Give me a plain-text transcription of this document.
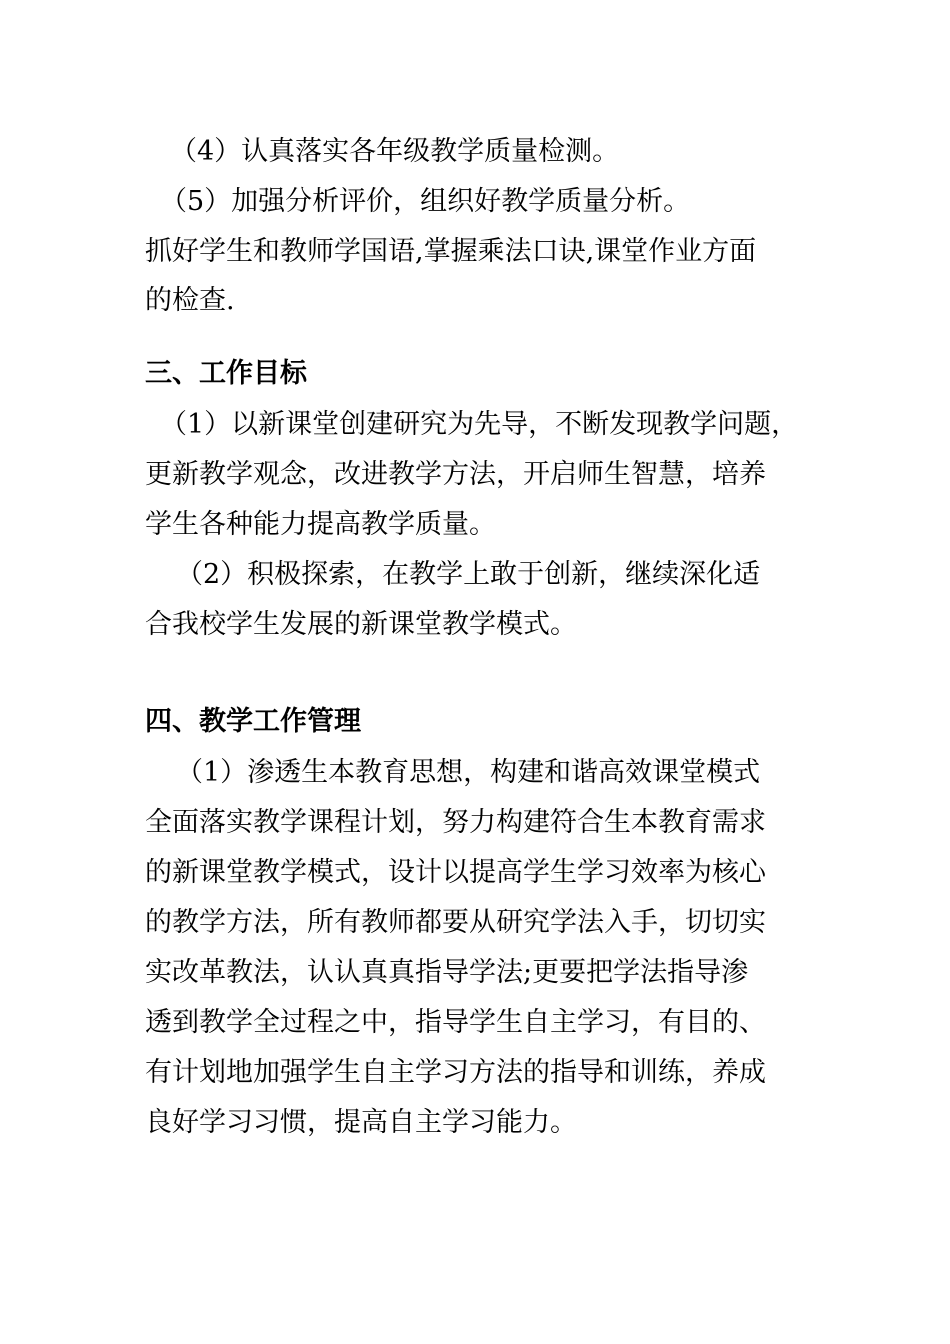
（4）认真落实各年级教学质量检测。
（5）加强分析评价，组织好教学质量分析。
抓好学生和教师学国语,掌握乘法口诀,课堂作业方面
的检查.
三、工作目标
（1）以新课堂创建研究为先导，不断发现教学问题，
更新教学观念，改进教学方法，开启师生智慧，培养
学生各种能力提高教学质量。
（2）积极探索，在教学上敢于创新，继续深化适
合我校学生发展的新课堂教学模式。
四、教学工作管理
（1）渗透生本教育思想，构建和谐高效课堂模式
全面落实教学课程计划，努力构建符合生本教育需求
的新课堂教学模式，设计以提高学生学习效率为核心
的教学方法，所有教师都要从研究学法入手，切切实
实改革教法，认认真真指导学法;更要把学法指导渗
透到教学全过程之中，指导学生自主学习，有目的、
有计划地加强学生自主学习方法的指导和训练，养成
良好学习习惯，提高自主学习能力。
